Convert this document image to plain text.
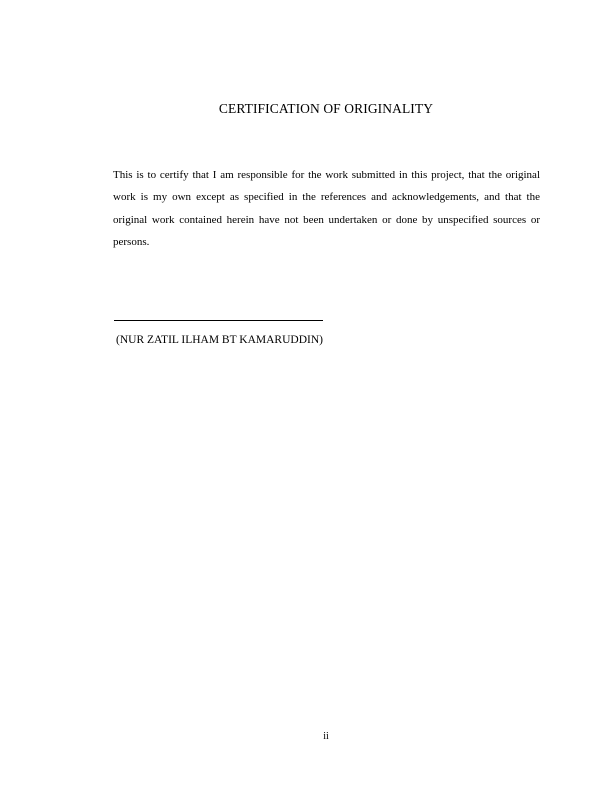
CERTIFICATION OF ORIGINALITY

This is to certify that I am responsible for the work submitted in this project, that the original work is my own except as specified in the references and acknowledgements, and that the original work contained herein have not been undertaken or done by unspecified sources or persons.

(NUR ZATIL ILHAM BT KAMARUDDIN)
ii
